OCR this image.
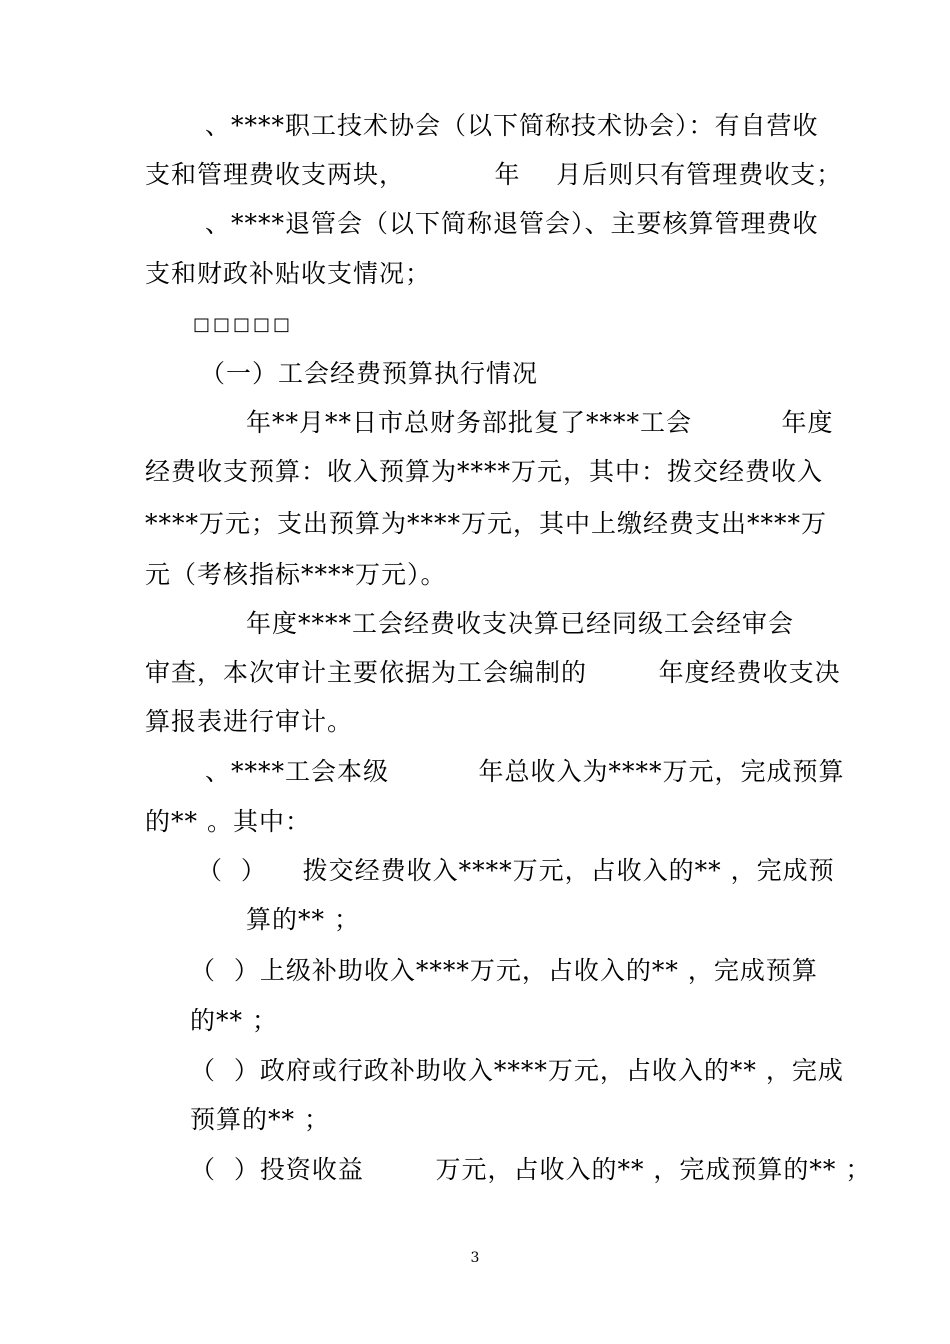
、****职工技术协会（以下简称技术协会）：有自营收
支和管理费收支两块，          年    月后则只有管理费收支；
、****退管会（以下简称退管会）、主要核算管理费收
支和财政补贴收支情况；
□□□□□
（一）工会经费预算执行情况
年**月**日市总财务部批复了****工会          年度
经费收支预算：收入预算为****万元，其中：拨交经费收入
****万元；支出预算为****万元，其中上缴经费支出****万
元（考核指标****万元）。
年度****工会经费收支决算已经同级工会经审会
审查，本次审计主要依据为工会编制的        年度经费收支决
算报表进行审计。
、****工会本级          年总收入为****万元，完成预算
的** 。其中：
（  ）    拨交经费收入****万元，占收入的** ，完成预
算的** ；
（  ）上级补助收入****万元，占收入的** ，完成预算
的** ；
（  ）政府或行政补助收入****万元，占收入的** ，完成
预算的** ；
（  ）投资收益        万元，占收入的** ，完成预算的** ；
3
